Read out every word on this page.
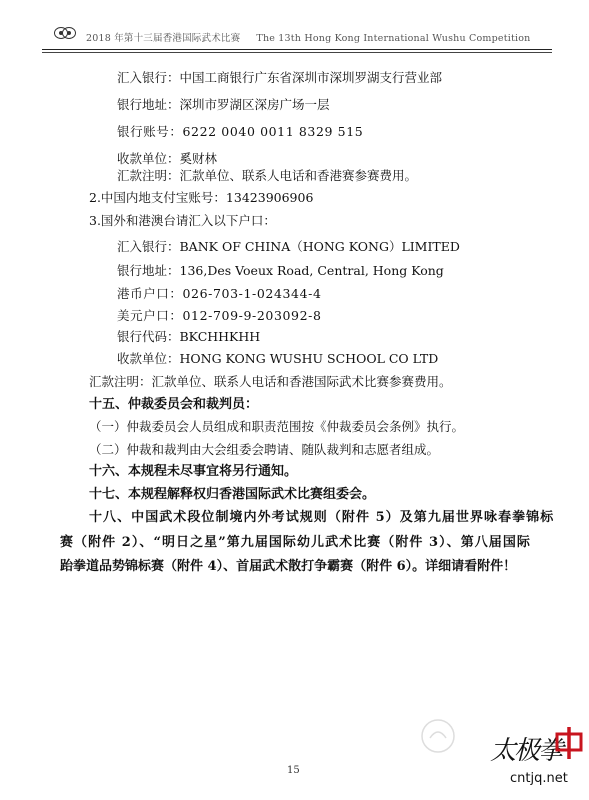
2018 年第十三届香港国际武术比赛 The 13th Hong Kong International Wushu Competition
汇入银行：中国工商银行广东省深圳市深圳罗湖支行营业部
银行地址：深圳市罗湖区深房广场一层
银行账号：6222 0040 0011 8329 515
收款单位：奚财林
汇款注明：汇款单位、联系人电话和香港赛参赛费用。
2.中国内地支付宝账号：13423906906
3.国外和港澳台请汇入以下户口：
汇入银行：BANK OF CHINA（HONG KONG）LIMITED
银行地址：136,Des Voeux Road, Central, Hong Kong
港币户口：026-703-1-024344-4
美元户口：012-709-9-203092-8
银行代码：BKCHHKHH
收款单位：HONG KONG WUSHU SCHOOL CO LTD
汇款注明：汇款单位、联系人电话和香港国际武术比赛参赛费用。
十五、仲裁委员会和裁判员：
（一）仲裁委员会人员组成和职责范围按《仲裁委员会条例》执行。
（二）仲裁和裁判由大会组委会聘请、随队裁判和志愿者组成。
十六、本规程未尽事宜将另行通知。
十七、本规程解释权归香港国际武术比赛组委会。
十八、中国武术段位制境内外考试规则（附件 5）及第九届世界咏春拳锦标
赛（附件 2）、“明日之星”第九届国际幼儿武术比赛（附件 3）、第八届国际
跆拳道品势锦标赛（附件 4）、首届武术散打争霸赛（附件 6）。详细请看附件！
15
太极拳
cntjq.net
